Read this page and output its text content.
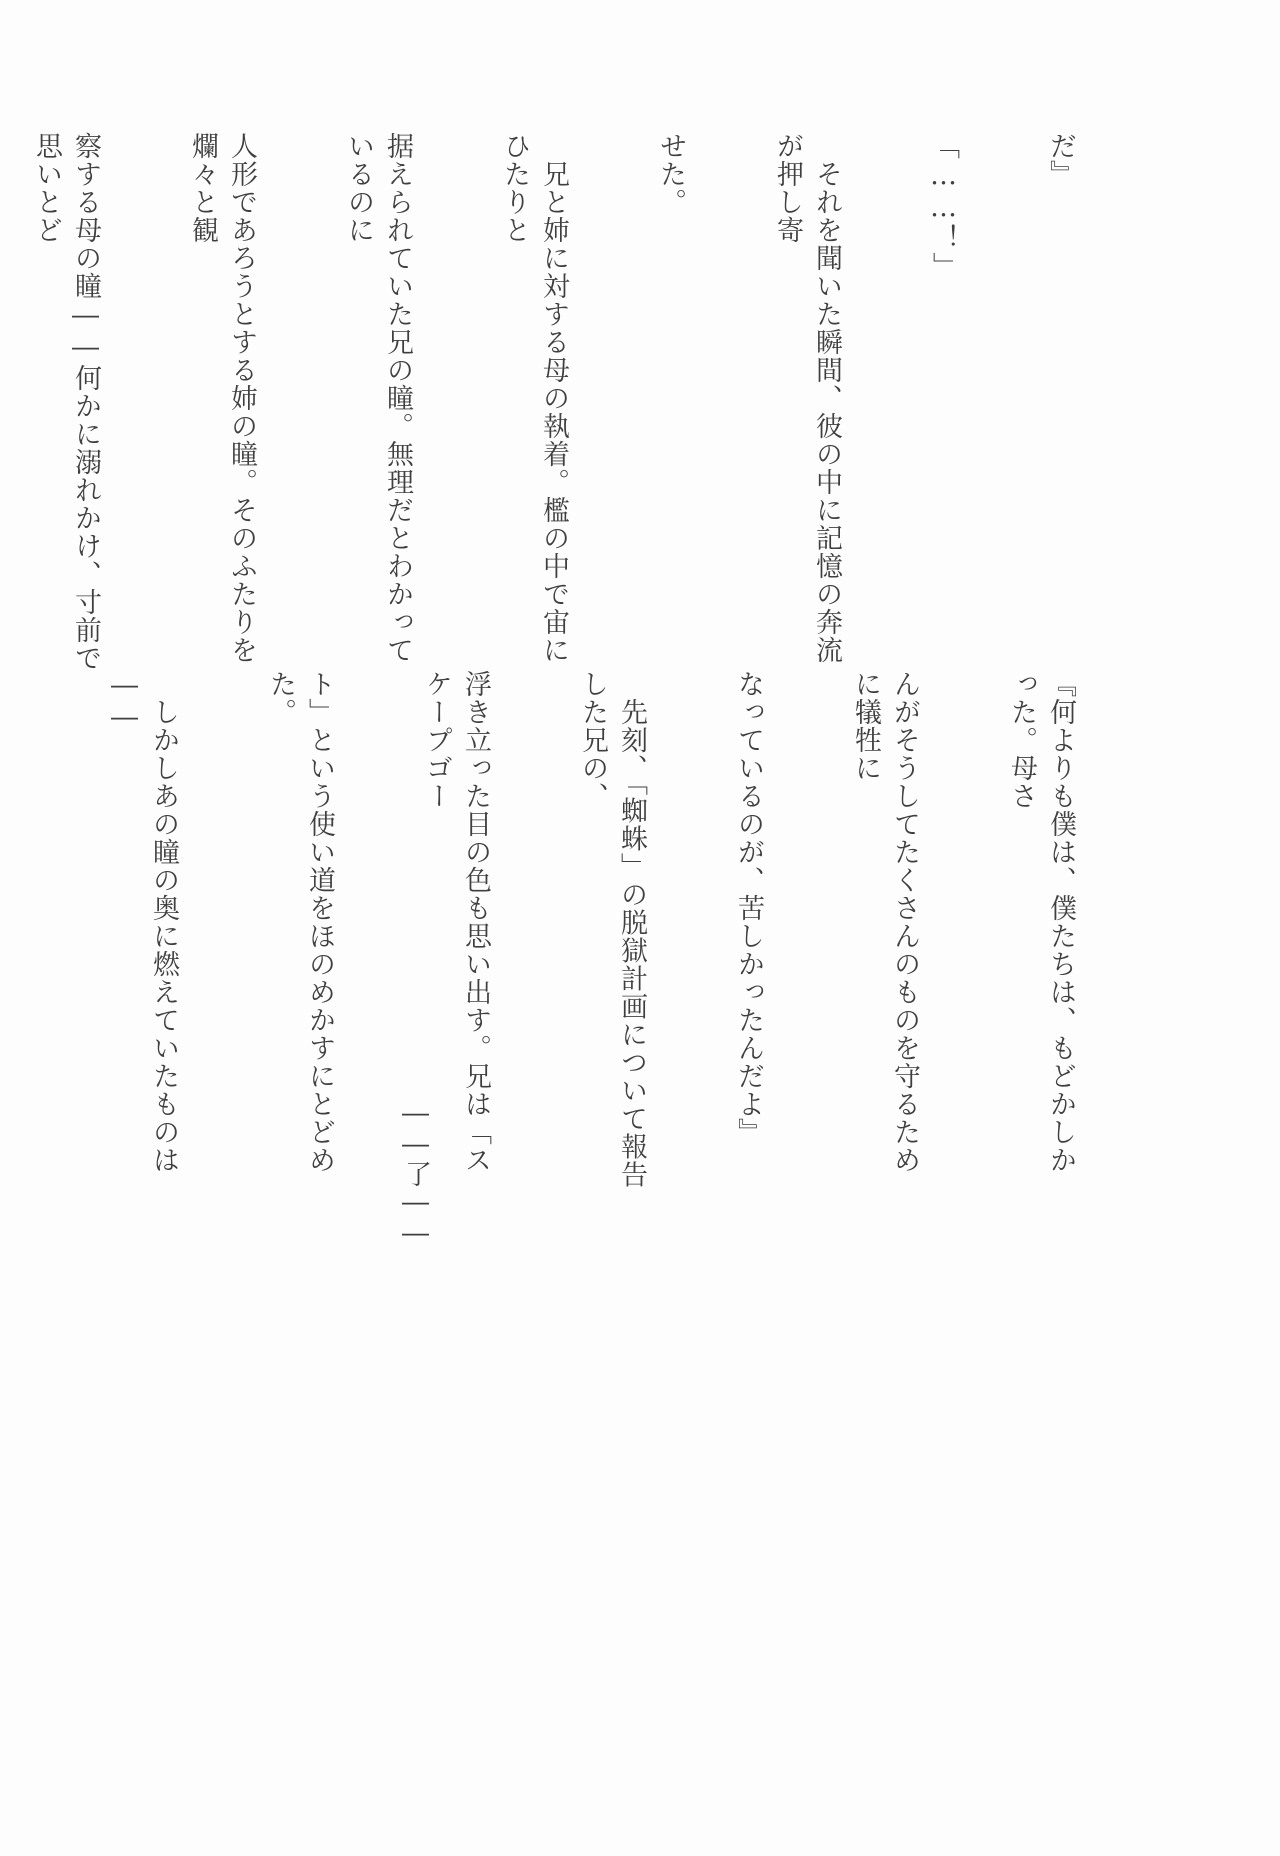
だ』

「……！」

　それを聞いた瞬間、彼の中に記憶の奔流が押し寄

せた。

　兄と姉に対する母の執着。檻の中で宙にひたりと

据えられていた兄の瞳。無理だとわかっているのに

人形であろうとする姉の瞳。そのふたりを爛々と観

察する母の瞳――何かに溺れかけ、寸前で思いとど

『何よりも僕は、僕たちは、もどかしかった。母さ

んがそうしてたくさんのものを守るために犠牲に

なっているのが、苦しかったんだよ』

　先刻、「蜘蛛」の脱獄計画について報告した兄の、

浮き立った目の色も思い出す。兄は「スケープゴー

ト」という使い道をほのめかすにとどめた。

　しかしあの瞳の奥に燃えていたものは――

――了――
